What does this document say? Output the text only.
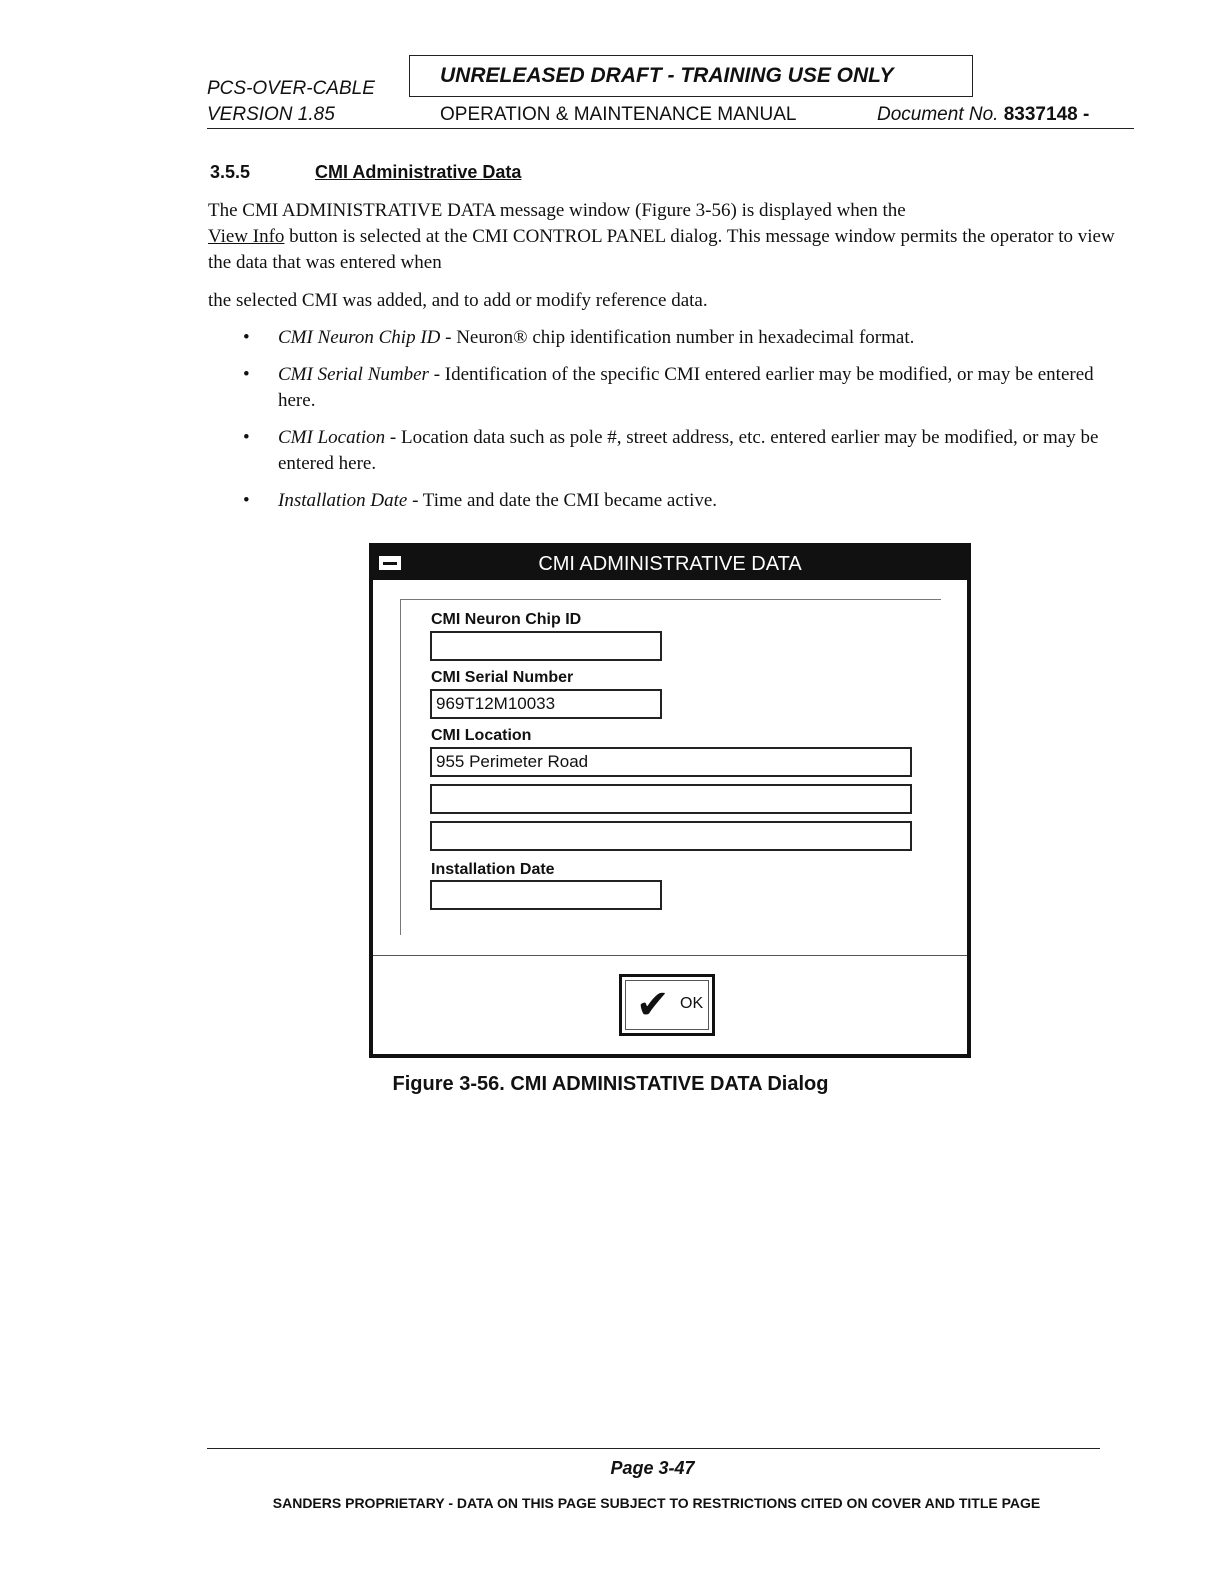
PCS-OVER-CABLE
VERSION 1.85
UNRELEASED DRAFT - TRAINING USE ONLY
OPERATION & MAINTENANCE MANUAL	Document No. 8337148 -
3.5.5	CMI Administrative Data
The CMI ADMINISTRATIVE DATA message window (Figure 3-56) is displayed when the
View Info button is selected at the CMI CONTROL PANEL dialog. This message window permits the operator to view the data that was entered when
the selected CMI was added, and to add or modify reference data.
• CMI Neuron Chip ID - Neuron® chip identification number in hexadecimal format.
• CMI Serial Number - Identification of the specific CMI entered earlier may be modified, or may be entered here.
• CMI Location - Location data such as pole #, street address, etc. entered earlier may be modified, or may be entered here.
• Installation Date - Time and date the CMI became active.
CMI ADMINISTRATIVE DATA
CMI Neuron Chip ID
CMI Serial Number
969T12M10033
CMI Location
955 Perimeter Road
Installation Date
✔ OK
Figure 3-56. CMI ADMINISTATIVE DATA Dialog
Page 3-47
SANDERS PROPRIETARY - DATA ON THIS PAGE SUBJECT TO RESTRICTIONS CITED ON COVER AND TITLE PAGE
